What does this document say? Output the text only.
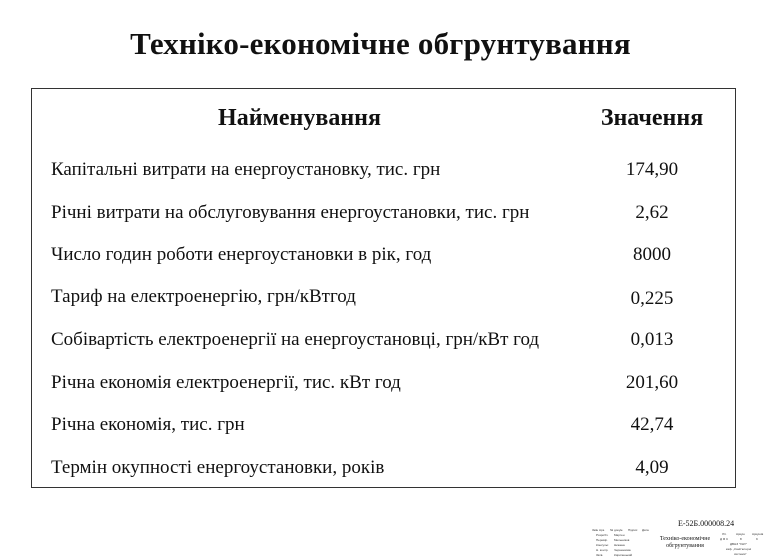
Техніко-економічне обгрунтування
Найменування	Значення
Капітальні витрати на енергоустановку, тис. грн	174,90
Річні витрати на обслуговування енергоустановки, тис. грн	2,62
Число годин роботи енергоустановки в рік, год	8000
Тариф на електроенергію, грн/кВтгод	0,225
Собівартість електроенергії на енергоустановці, грн/кВт год	0,013
Річна економія електроенергії, тис. кВт год	201,60
Річна економія, тис. грн	42,74
Термін окупності енергоустановки, років	4,09
Е-52Б.000008.24
Змін Арк. № докум. Підпис Дата
Розробл. Мартен
Перевір. Мельников
Консульт. Нєжена
Н. контр. Черненкова
Затв.	Кириленький
Техніко-економічне
обгрунтування
Літ.	Аркуш Аркушів
Д Ф С	8	9
ДВНЗ "ХНУ"
каф. „Комп'ютерні
системи"
